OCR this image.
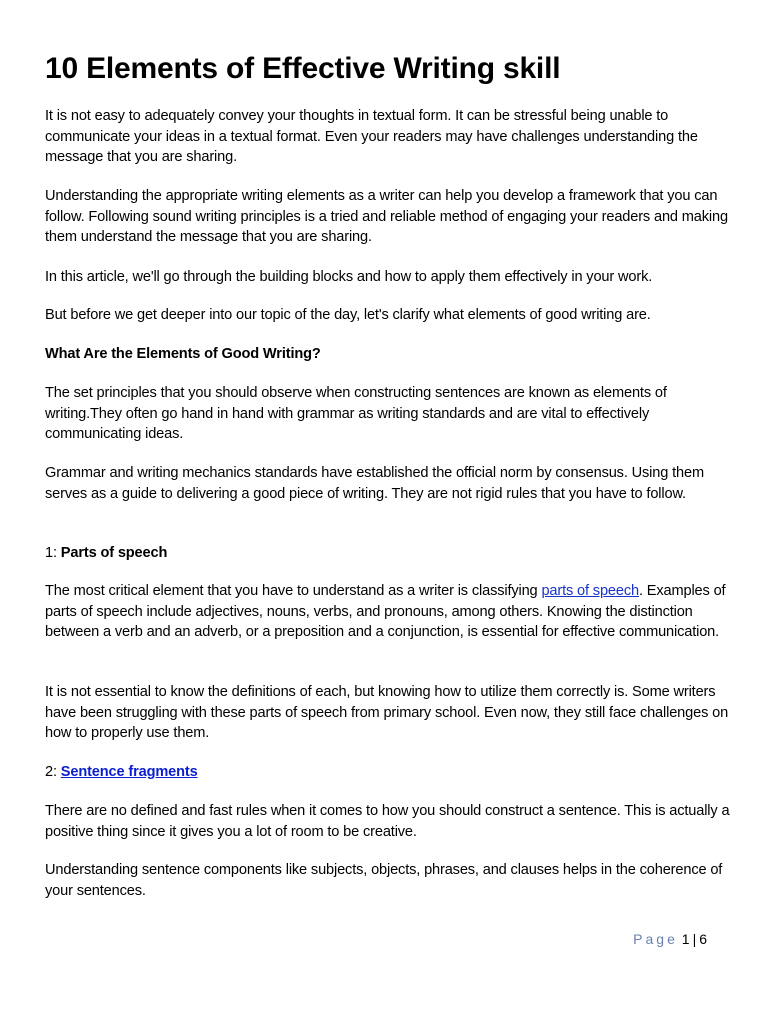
10 Elements of Effective Writing skill

It is not easy to adequately convey your thoughts in textual form. It can be stressful being unable to communicate your ideas in a textual format. Even your readers may have challenges understanding the message that you are sharing.

Understanding the appropriate writing elements as a writer can help you develop a framework that you can follow. Following sound writing principles is a tried and reliable method of engaging your readers and making them understand the message that you are sharing.

In this article, we'll go through the building blocks and how to apply them effectively in your work.

But before we get deeper into our topic of the day, let's clarify what elements of good writing are.

What Are the Elements of Good Writing?

The set principles that you should observe when constructing sentences are known as elements of writing.They often go hand in hand with grammar as writing standards and are vital to effectively communicating ideas.

Grammar and writing mechanics standards have established the official norm by consensus. Using them serves as a guide to delivering a good piece of writing. They are not rigid rules that you have to follow.

1: Parts of speech

The most critical element that you have to understand as a writer is classifying parts of speech. Examples of parts of speech include adjectives, nouns, verbs, and pronouns, among others. Knowing the distinction between a verb and an adverb, or a preposition and a conjunction, is essential for effective communication.

It is not essential to know the definitions of each, but knowing how to utilize them correctly is. Some writers have been struggling with these parts of speech from primary school. Even now, they still face challenges on how to properly use them.

2: Sentence fragments

There are no defined and fast rules when it comes to how you should construct a sentence. This is actually a positive thing since it gives you a lot of room to be creative.

Understanding sentence components like subjects, objects, phrases, and clauses helps in the coherence of your sentences.

Page 1 | 6
